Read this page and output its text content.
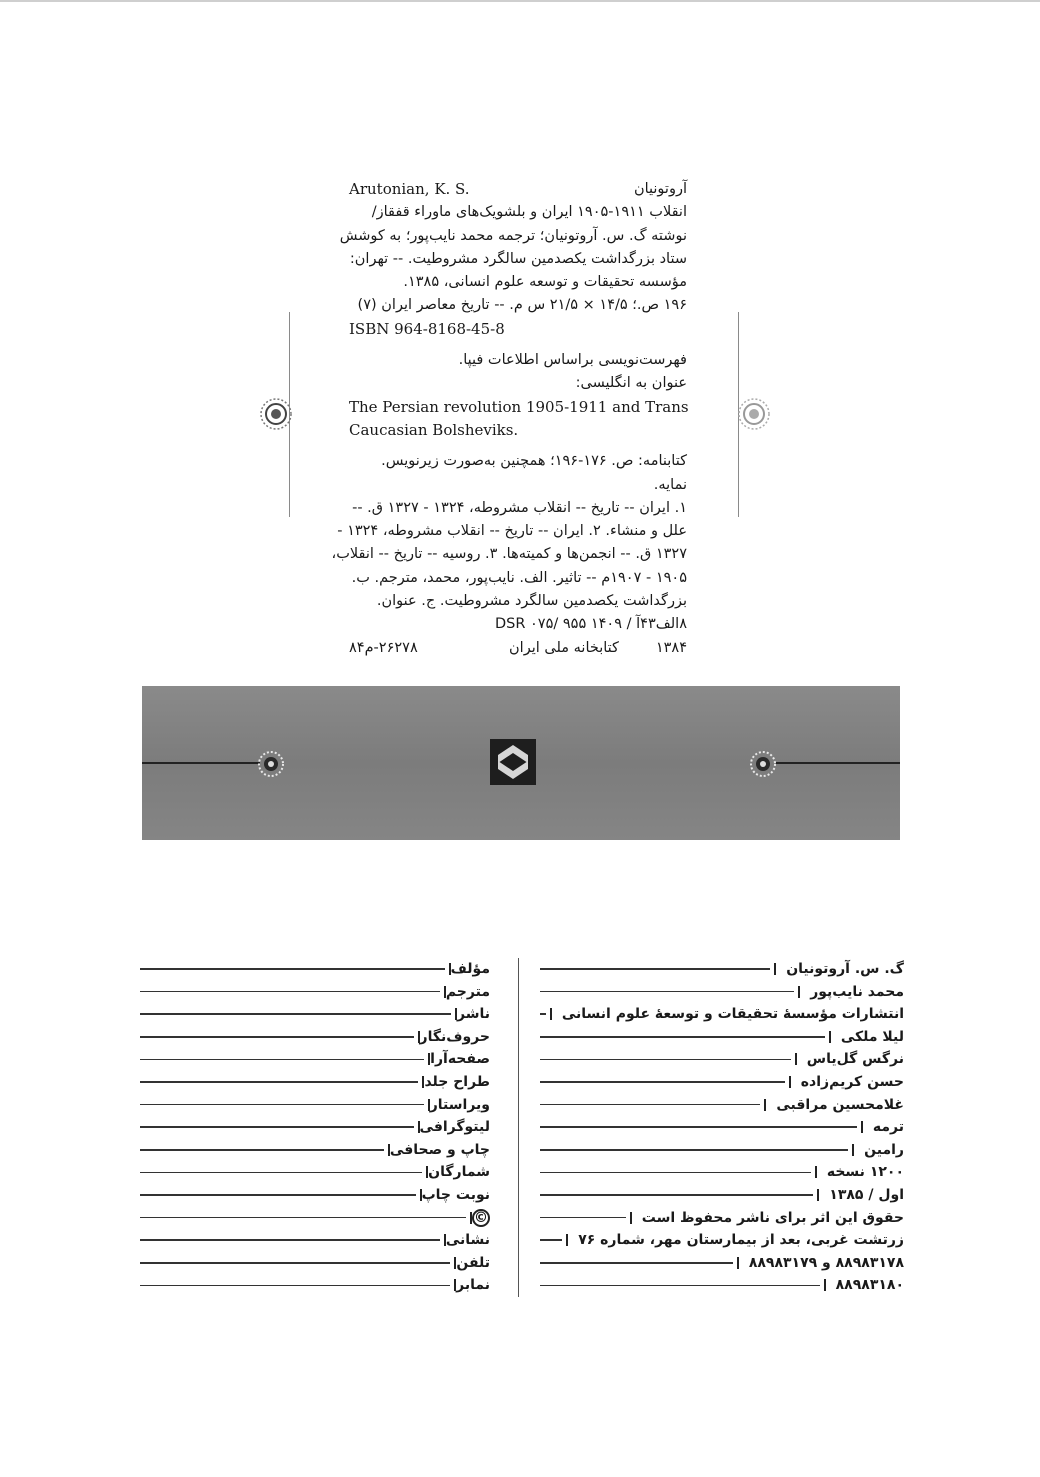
آروتونیان
Arutonian, K. S.
انقلاب ۱۹۱۱-۱۹۰۵ ایران و بلشویک‌های ماوراء قفقاز/
نوشته گ. س. آروتونیان؛ ترجمه محمد نایب‌پور؛ به کوشش
ستاد بزرگداشت یکصدمین سالگرد مشروطیت. -- تهران:
مؤسسه تحقیقات و توسعه علوم انسانی، ۱۳۸۵.
۱۹۶ ص.؛ ۱۴/۵ × ۲۱/۵ س م. -- تاریخ معاصر ایران (۷)
ISBN 964-8168-45-8
فهرست‌نویسی براساس اطلاعات فیپا.
عنوان به انگلیسی:
The Persian revolution 1905-1911 and Trans
Caucasian Bolsheviks.
کتابنامه: ص. ۱۷۶-۱۹۶؛ همچنین به‌صورت زیرنویس.
نمایه.
۱. ایران -- تاریخ -- انقلاب مشروطه، ۱۳۲۴ - ۱۳۲۷ ق. --
علل و منشاء. ۲. ایران -- تاریخ -- انقلاب مشروطه، ۱۳۲۴ -
۱۳۲۷ ق. -- انجمن‌ها و کمیته‌ها. ۳. روسیه -- تاریخ -- انقلاب،
۱۹۰۵ - ۱۹۰۷م -- تاثیر. الف. نایب‌پور، محمد، مترجم. ب.
بزرگداشت یکصدمین سالگرد مشروطیت. ج. عنوان.
۸الف۴۳آ / ۱۴۰۹ DSR ۰۷۵/ ۹۵۵
۱۳۸۴        کتابخانه ملی ایران
۲۶۲۷۸-م۸۴
مؤلف	گ. س. آروتونیان
مترجم	محمد نایب‌پور
ناشر	انتشارات مؤسسهٔ تحقیقات و توسعهٔ علوم انسانی
حروف‌نگار	لیلا ملکی
صفحه‌آرا	نرگس گل‌یاس
طراح جلد	حسن کریم‌زاده
ویراستار	غلامحسین مراقبی
لیتوگرافی	ترمه
چاپ و صحافی	رامین
شمارگان	۱۲۰۰ نسخه
نوبت چاپ	اول / ۱۳۸۵
©	حقوق این اثر برای ناشر محفوظ است
نشانی	زرتشت غربی، بعد از بیمارستان مهر، شماره ۷۶
تلفن	۸۸۹۸۳۱۷۸ و ۸۸۹۸۳۱۷۹
نمابر	۸۸۹۸۳۱۸۰
